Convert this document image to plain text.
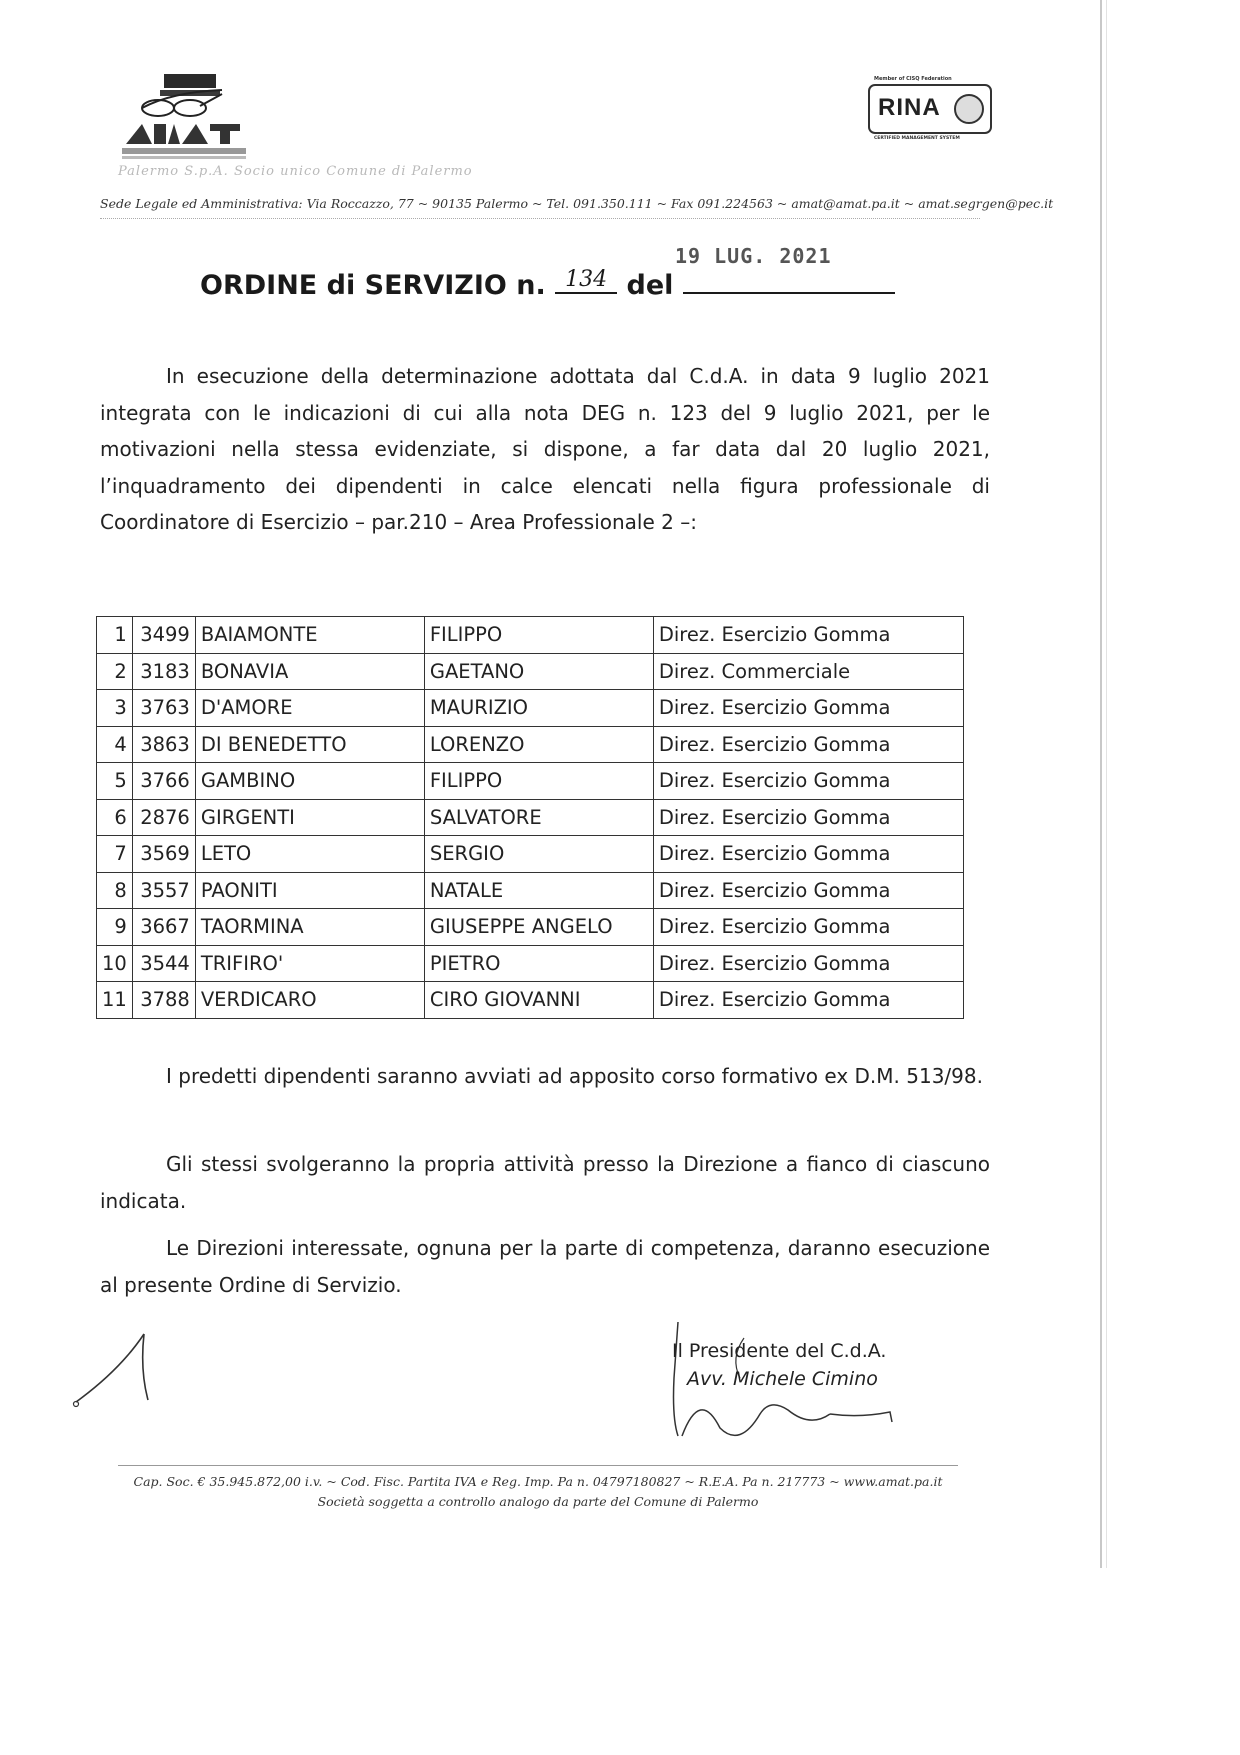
Palermo S.p.A. Socio unico Comune di Palermo
Member of CISQ Federation
RINA
CERTIFIED MANAGEMENT SYSTEM
Sede Legale ed Amministrativa: Via Roccazzo, 77 ~ 90135 Palermo ~ Tel. 091.350.111 ~ Fax 091.224563 ~ amat@amat.pa.it ~ amat.segrgen@pec.it
19 LUG. 2021
ORDINE di SERVIZIO n. 134 del

In esecuzione della determinazione adottata dal C.d.A. in data 9 luglio 2021 integrata con le indicazioni di cui alla nota DEG n. 123 del 9 luglio 2021, per le motivazioni nella stessa evidenziate, si dispone, a far data dal 20 luglio 2021, l’inquadramento dei dipendenti in calce elencati nella figura professionale di Coordinatore di Esercizio – par.210 – Area Professionale 2 –:

1	3499	BAIAMONTE	FILIPPO	Direz. Esercizio Gomma
2	3183	BONAVIA	GAETANO	Direz. Commerciale
3	3763	D'AMORE	MAURIZIO	Direz. Esercizio Gomma
4	3863	DI BENEDETTO	LORENZO	Direz. Esercizio Gomma
5	3766	GAMBINO	FILIPPO	Direz. Esercizio Gomma
6	2876	GIRGENTI	SALVATORE	Direz. Esercizio Gomma
7	3569	LETO	SERGIO	Direz. Esercizio Gomma
8	3557	PAONITI	NATALE	Direz. Esercizio Gomma
9	3667	TAORMINA	GIUSEPPE ANGELO	Direz. Esercizio Gomma
10	3544	TRIFIRO'	PIETRO	Direz. Esercizio Gomma
11	3788	VERDICARO	CIRO GIOVANNI	Direz. Esercizio Gomma

I predetti dipendenti saranno avviati ad apposito corso formativo ex D.M. 513/98.

Gli stessi svolgeranno la propria attività presso la Direzione a fianco di ciascuno indicata.

Le Direzioni interessate, ognuna per la parte di competenza, daranno esecuzione al presente Ordine di Servizio.

Il Presidente del C.d.A.
Avv. Michele Cimino
Cap. Soc. € 35.945.872,00 i.v. ~ Cod. Fisc. Partita IVA e Reg. Imp. Pa n. 04797180827 ~ R.E.A. Pa n. 217773 ~ www.amat.pa.it
Società soggetta a controllo analogo da parte del Comune di Palermo
